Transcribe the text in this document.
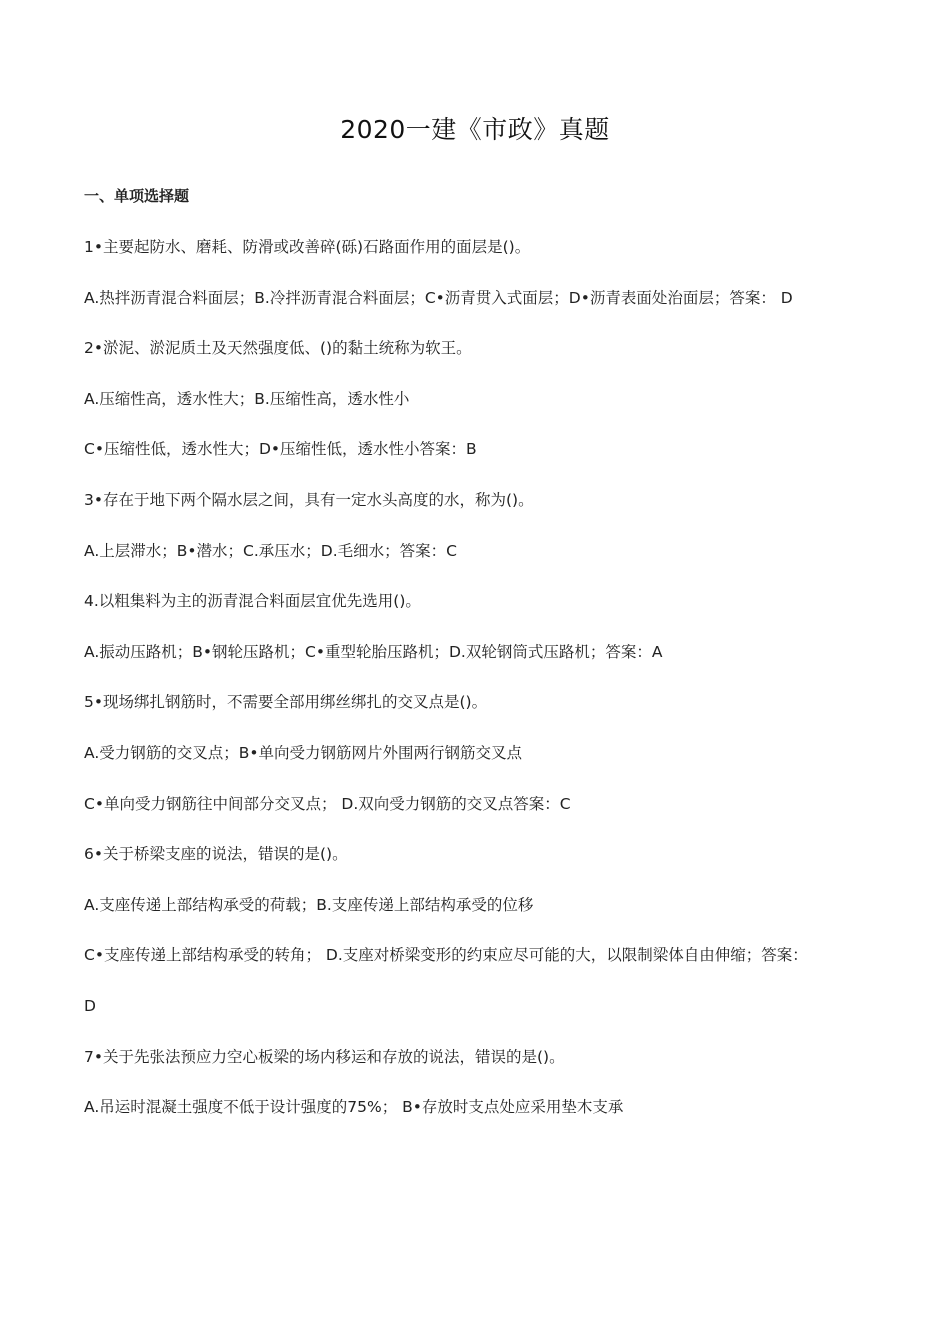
2020一建《市政》真题
一、单项选择题
1•主要起防水、磨耗、防滑或改善碎(砾)石路面作用的面层是()。
A.热拌沥青混合料面层；B.冷拌沥青混合料面层；C•沥青贯入式面层；D•沥青表面处治面层；答案： D
2•淤泥、淤泥质土及天然强度低、()的黏土统称为软王。
A.压缩性高，透水性大；B.压缩性高，透水性小
C•压缩性低，透水性大；D•压缩性低，透水性小答案：B
3•存在于地下两个隔水层之间，具有一定水头高度的水，称为()。
A.上层滞水；B•潜水；C.承压水；D.毛细水；答案：C
4.以粗集料为主的沥青混合料面层宜优先选用()。
A.振动压路机；B•钢轮压路机；C•重型轮胎压路机；D.双轮钢筒式压路机；答案：A
5•现场绑扎钢筋时，不需要全部用绑丝绑扎的交叉点是()。
A.受力钢筋的交叉点；B•单向受力钢筋网片外围两行钢筋交叉点
C•单向受力钢筋往中间部分交叉点； D.双向受力钢筋的交叉点答案：C
6•关于桥梁支座的说法，错误的是()。
A.支座传递上部结构承受的荷载；B.支座传递上部结构承受的位移
C•支座传递上部结构承受的转角； D.支座对桥梁变形的约束应尽可能的大，以限制梁体自由伸缩；答案：
D
7•关于先张法预应力空心板梁的场内移运和存放的说法，错误的是()。
A.吊运时混凝土强度不低于设计强度的75%； B•存放时支点处应采用垫木支承
